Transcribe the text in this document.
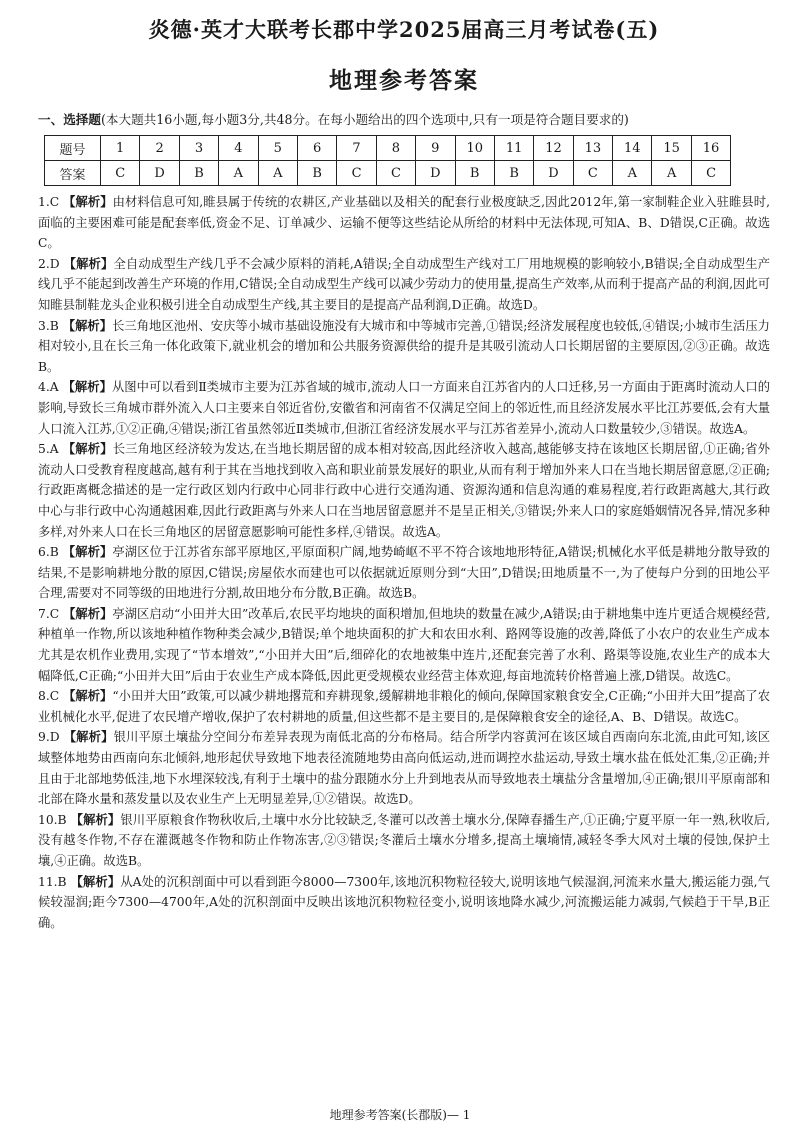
炎德·英才大联考长郡中学2025届高三月考试卷(五)
地理参考答案
一、选择题(本大题共16小题,每小题3分,共48分。在每小题给出的四个选项中,只有一项是符合题目要求的)
题号	1	2	3	4	5	6	7	8	9	10	11	12	13	14	15	16
答案	C	D	B	A	A	B	C	C	D	B	B	D	C	A	A	C
1.C 【解析】由材料信息可知,睢县属于传统的农耕区,产业基础以及相关的配套行业极度缺乏,因此2012年,第一家制鞋企业入驻睢县时,面临的主要困难可能是配套率低,资金不足、订单减少、运输不便等这些结论从所给的材料中无法体现,可知A、B、D错误,C正确。故选C。
2.D 【解析】全自动成型生产线几乎不会减少原料的消耗,A错误;全自动成型生产线对工厂用地规模的影响较小,B错误;全自动成型生产线几乎不能起到改善生产环境的作用,C错误;全自动成型生产线可以减少劳动力的使用量,提高生产效率,从而利于提高产品的利润,因此可知睢县制鞋龙头企业积极引进全自动成型生产线,其主要目的是提高产品利润,D正确。故选D。
3.B 【解析】长三角地区池州、安庆等小城市基础设施没有大城市和中等城市完善,①错误;经济发展程度也较低,④错误;小城市生活压力相对较小,且在长三角一体化政策下,就业机会的增加和公共服务资源供给的提升是其吸引流动人口长期居留的主要原因,②③正确。故选B。
4.A 【解析】从图中可以看到Ⅱ类城市主要为江苏省域的城市,流动人口一方面来自江苏省内的人口迁移,另一方面由于距离时流动人口的影响,导致长三角城市群外流入人口主要来自邻近省份,安徽省和河南省不仅满足空间上的邻近性,而且经济发展水平比江苏要低,会有大量人口流入江苏,①②正确,④错误;浙江省虽然邻近Ⅱ类城市,但浙江省经济发展水平与江苏省差异小,流动人口数量较少,③错误。故选A。
5.A 【解析】长三角地区经济较为发达,在当地长期居留的成本相对较高,因此经济收入越高,越能够支持在该地区长期居留,①正确;省外流动人口受教育程度越高,越有利于其在当地找到收入高和职业前景发展好的职业,从而有利于增加外来人口在当地长期居留意愿,②正确;行政距离概念描述的是一定行政区划内行政中心同非行政中心进行交通沟通、资源沟通和信息沟通的难易程度,若行政距离越大,其行政中心与非行政中心沟通越困难,因此行政距离与外来人口在当地居留意愿并不是呈正相关,③错误;外来人口的家庭婚姻情况各异,情况多种多样,对外来人口在长三角地区的居留意愿影响可能性多样,④错误。故选A。
6.B 【解析】亭湖区位于江苏省东部平原地区,平原面积广阔,地势崎岖不平不符合该地地形特征,A错误;机械化水平低是耕地分散导致的结果,不是影响耕地分散的原因,C错误;房屋依水而建也可以依据就近原则分到“大田”,D错误;田地质量不一,为了使每户分到的田地公平合理,需要对不同等级的田地进行分割,故田地分布分散,B正确。故选B。
7.C 【解析】亭湖区启动“小田并大田”改革后,农民平均地块的面积增加,但地块的数量在减少,A错误;由于耕地集中连片更适合规模经营,种植单一作物,所以该地种植作物种类会减少,B错误;单个地块面积的扩大和农田水利、路网等设施的改善,降低了小农户的农业生产成本尤其是农机作业费用,实现了“节本增效”,“小田并大田”后,细碎化的农地被集中连片,还配套完善了水利、路渠等设施,农业生产的成本大幅降低,C正确;“小田并大田”后由于农业生产成本降低,因此更受规模农业经营主体欢迎,每亩地流转价格普遍上涨,D错误。故选C。
8.C 【解析】“小田并大田”政策,可以减少耕地撂荒和弃耕现象,缓解耕地非粮化的倾向,保障国家粮食安全,C正确;“小田并大田”提高了农业机械化水平,促进了农民增产增收,保护了农村耕地的质量,但这些都不是主要目的,是保障粮食安全的途径,A、B、D错误。故选C。
9.D 【解析】银川平原土壤盐分空间分布差异表现为南低北高的分布格局。结合所学内容黄河在该区域自西南向东北流,由此可知,该区域整体地势由西南向东北倾斜,地形起伏导致地下地表径流随地势由高向低运动,进而调控水盐运动,导致土壤水盐在低处汇集,②正确;并且由于北部地势低洼,地下水埋深较浅,有利于土壤中的盐分跟随水分上升到地表从而导致地表土壤盐分含量增加,④正确;银川平原南部和北部在降水量和蒸发量以及农业生产上无明显差异,①②错误。故选D。
10.B 【解析】银川平原粮食作物秋收后,土壤中水分比较缺乏,冬灌可以改善土壤水分,保障春播生产,①正确;宁夏平原一年一熟,秋收后,没有越冬作物,不存在灌溉越冬作物和防止作物冻害,②③错误;冬灌后土壤水分增多,提高土壤墒情,减轻冬季大风对土壤的侵蚀,保护土壤,④正确。故选B。
11.B 【解析】从A处的沉积剖面中可以看到距今8000—7300年,该地沉积物粒径较大,说明该地气候湿润,河流来水量大,搬运能力强,气候较湿润;距今7300—4700年,A处的沉积剖面中反映出该地沉积物粒径变小,说明该地降水减少,河流搬运能力减弱,气候趋于干旱,B正确。
地理参考答案(长郡版)— 1
